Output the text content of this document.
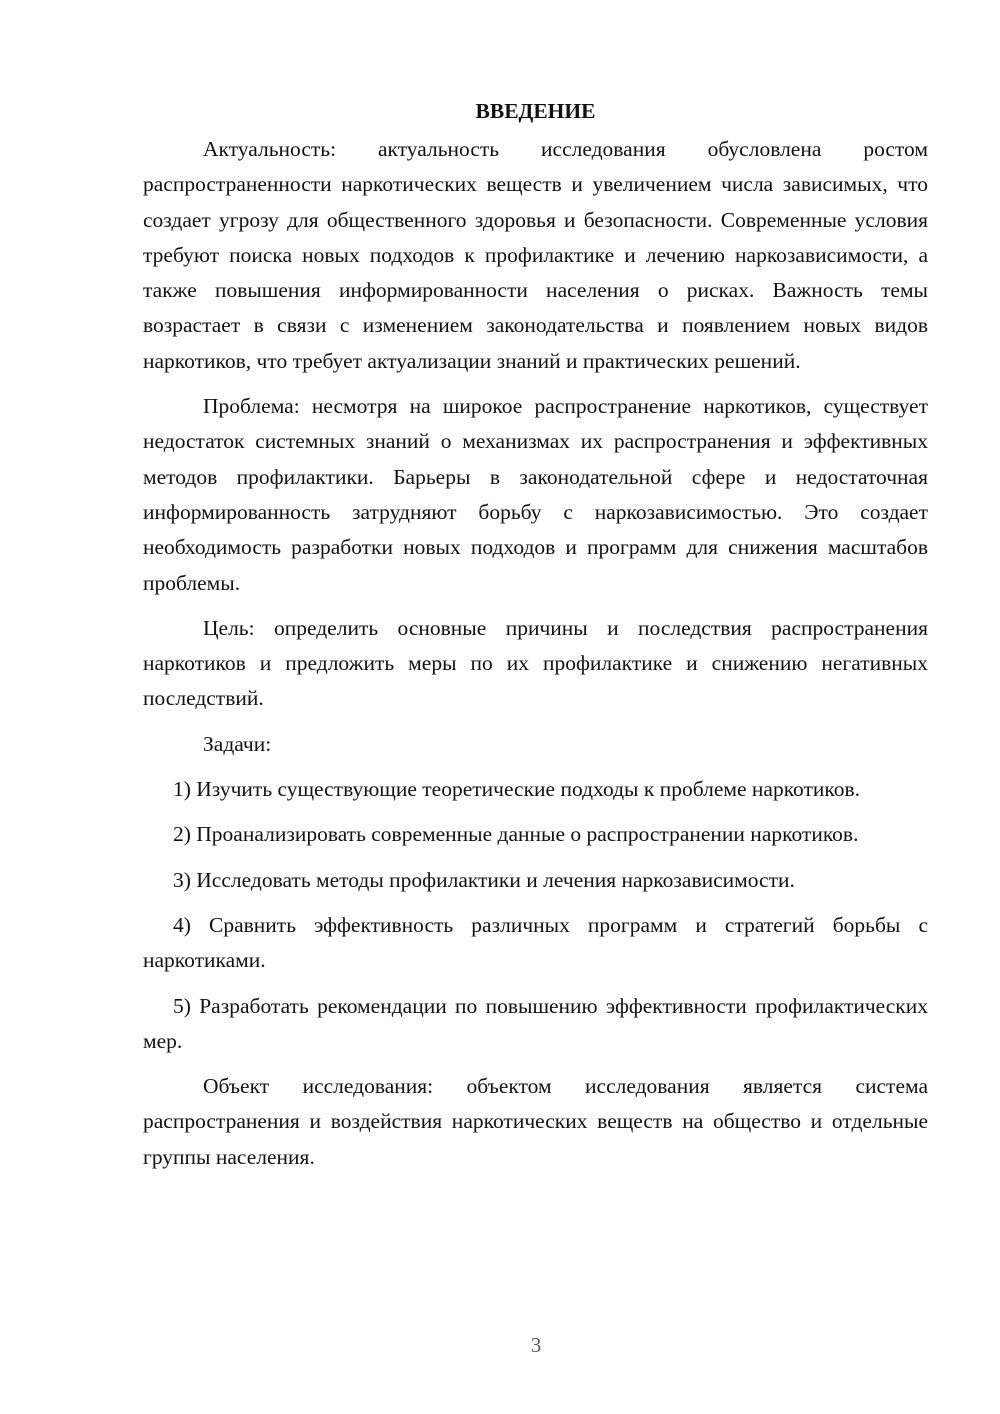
ВВЕДЕНИЕ

Актуальность: актуальность исследования обусловлена ростом распространенности наркотических веществ и увеличением числа зависимых, что создает угрозу для общественного здоровья и безопасности. Современные условия требуют поиска новых подходов к профилактике и лечению наркозависимости, а также повышения информированности населения о рисках. Важность темы возрастает в связи с изменением законодательства и появлением новых видов наркотиков, что требует актуализации знаний и практических решений.

Проблема: несмотря на широкое распространение наркотиков, существует недостаток системных знаний о механизмах их распространения и эффективных методов профилактики. Барьеры в законодательной сфере и недостаточная информированность затрудняют борьбу с наркозависимостью. Это создает необходимость разработки новых подходов и программ для снижения масштабов проблемы.

Цель: определить основные причины и последствия распространения наркотиков и предложить меры по их профилактике и снижению негативных последствий.

Задачи:

1) Изучить существующие теоретические подходы к проблеме наркотиков.

2) Проанализировать современные данные о распространении наркотиков.

3) Исследовать методы профилактики и лечения наркозависимости.

4) Сравнить эффективность различных программ и стратегий борьбы с наркотиками.

5) Разработать рекомендации по повышению эффективности профилактических мер.

Объект исследования: объектом исследования является система распространения и воздействия наркотических веществ на общество и отдельные группы населения.

3
